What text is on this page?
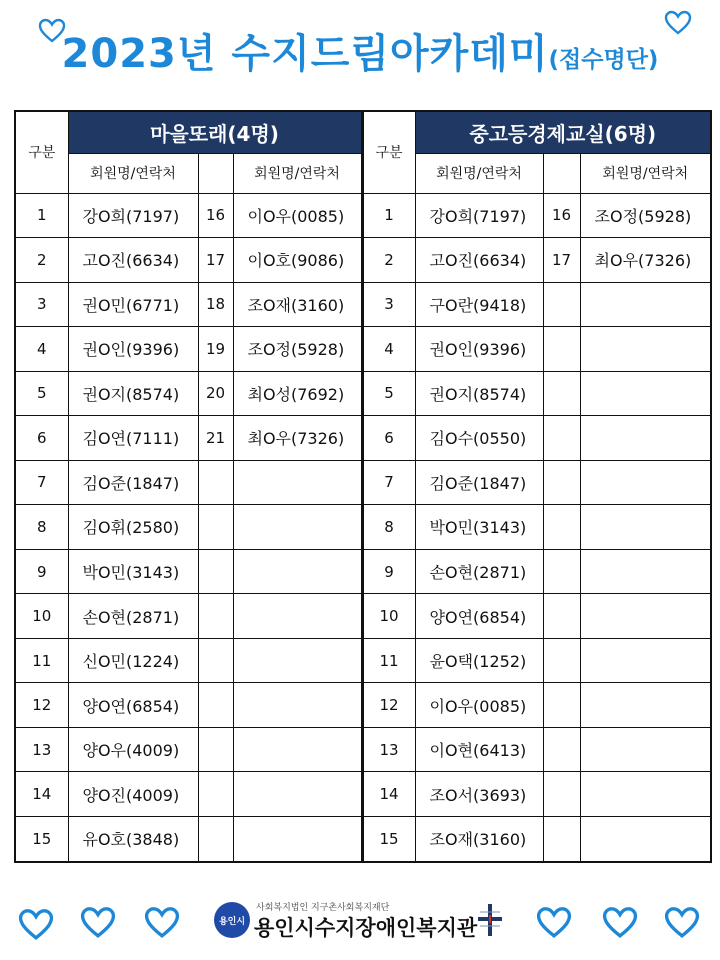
2023년 수지드림아카데미(접수명단)
구분	마을또래(4명)			구분	중고등경제교실(6명)		
	회원명/연락처		회원명/연락처		회원명/연락처		회원명/연락처
1	강O희(7197)	16	이O우(0085)	1	강O희(7197)	16	조O정(5928)
2	고O진(6634)	17	이O호(9086)	2	고O진(6634)	17	최O우(7326)
3	권O민(6771)	18	조O재(3160)	3	구O란(9418)		
4	권O인(9396)	19	조O정(5928)	4	권O인(9396)		
5	권O지(8574)	20	최O성(7692)	5	권O지(8574)		
6	김O연(7111)	21	최O우(7326)	6	김O수(0550)		
7	김O준(1847)			7	김O준(1847)		
8	김O휘(2580)			8	박O민(3143)		
9	박O민(3143)			9	손O현(2871)		
10	손O현(2871)			10	양O연(6854)		
11	신O민(1224)			11	윤O택(1252)		
12	양O연(6854)			12	이O우(0085)		
13	양O우(4009)			13	이O현(6413)		
14	양O진(4009)			14	조O서(3693)		
15	유O호(3848)			15	조O재(3160)		
용인시
사회복지법인 지구촌사회복지재단
용인시수지장애인복지관
